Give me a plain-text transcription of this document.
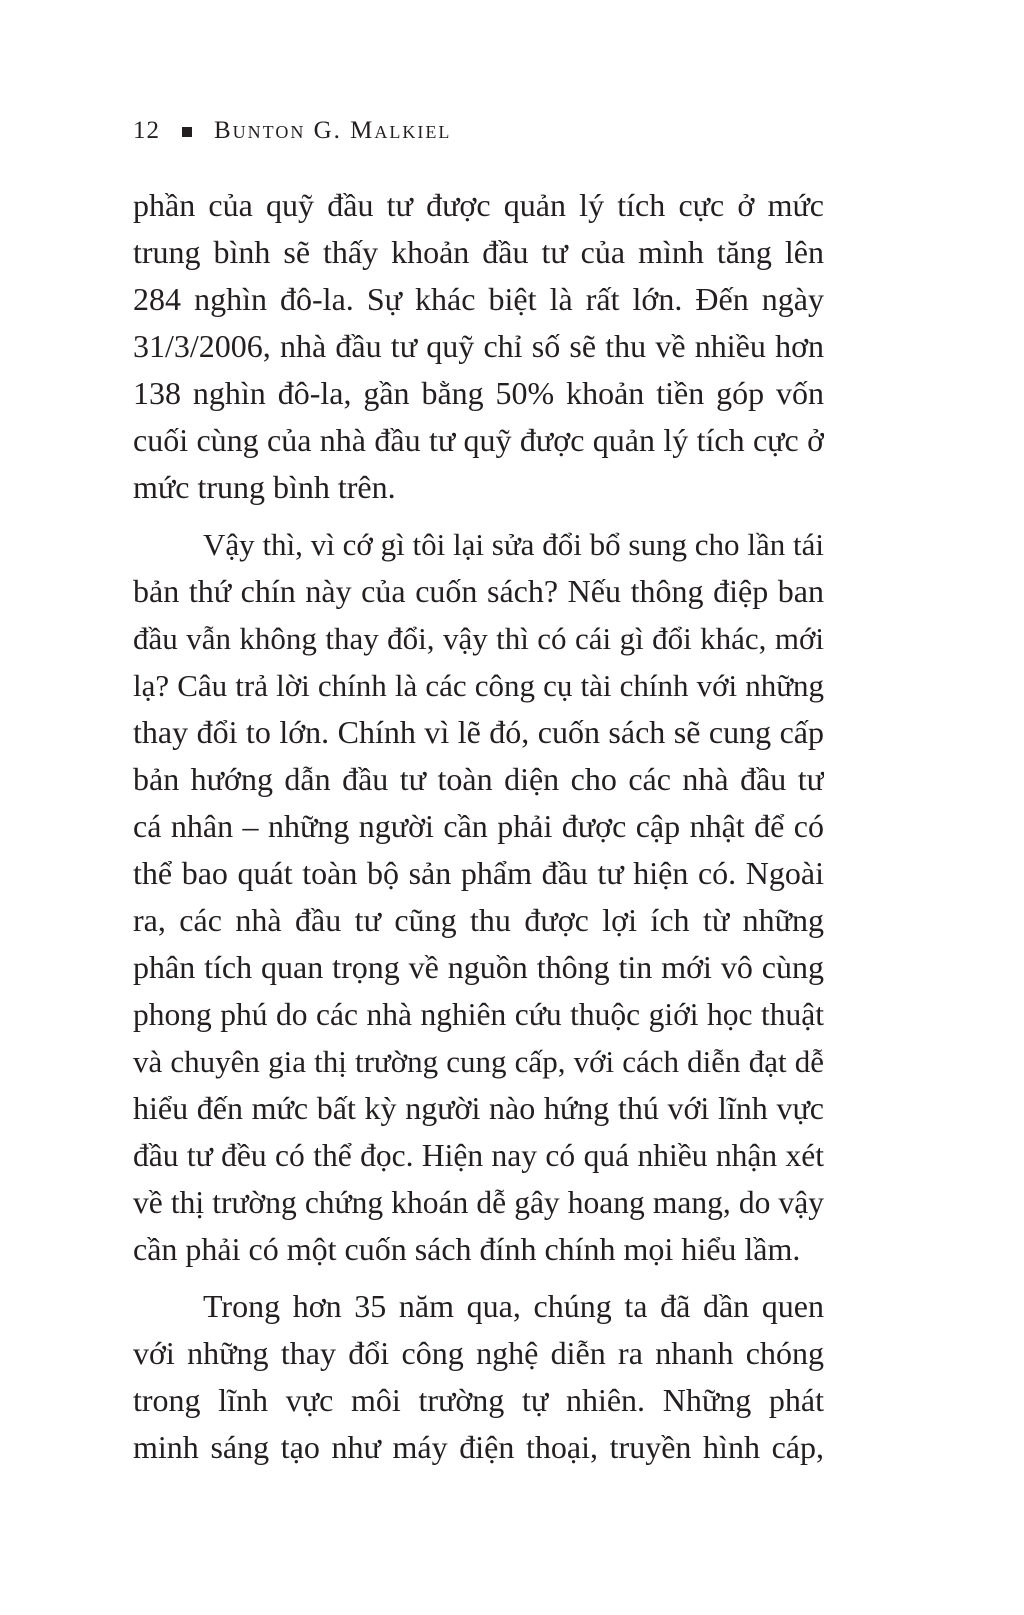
12 Bunton G. Malkiel
phần của quỹ đầu tư được quản lý tích cực ở mức
trung bình sẽ thấy khoản đầu tư của mình tăng lên
284 nghìn đô-la. Sự khác biệt là rất lớn. Đến ngày
31/3/2006, nhà đầu tư quỹ chỉ số sẽ thu về nhiều hơn
138 nghìn đô-la, gần bằng 50% khoản tiền góp vốn
cuối cùng của nhà đầu tư quỹ được quản lý tích cực ở
mức trung bình trên.
Vậy thì, vì cớ gì tôi lại sửa đổi bổ sung cho lần tái
bản thứ chín này của cuốn sách? Nếu thông điệp ban
đầu vẫn không thay đổi, vậy thì có cái gì đổi khác, mới
lạ? Câu trả lời chính là các công cụ tài chính với những
thay đổi to lớn. Chính vì lẽ đó, cuốn sách sẽ cung cấp
bản hướng dẫn đầu tư toàn diện cho các nhà đầu tư
cá nhân – những người cần phải được cập nhật để có
thể bao quát toàn bộ sản phẩm đầu tư hiện có. Ngoài
ra, các nhà đầu tư cũng thu được lợi ích từ những
phân tích quan trọng về nguồn thông tin mới vô cùng
phong phú do các nhà nghiên cứu thuộc giới học thuật
và chuyên gia thị trường cung cấp, với cách diễn đạt dễ
hiểu đến mức bất kỳ người nào hứng thú với lĩnh vực
đầu tư đều có thể đọc. Hiện nay có quá nhiều nhận xét
về thị trường chứng khoán dễ gây hoang mang, do vậy
cần phải có một cuốn sách đính chính mọi hiểu lầm.
Trong hơn 35 năm qua, chúng ta đã dần quen
với những thay đổi công nghệ diễn ra nhanh chóng
trong lĩnh vực môi trường tự nhiên. Những phát
minh sáng tạo như máy điện thoại, truyền hình cáp,
